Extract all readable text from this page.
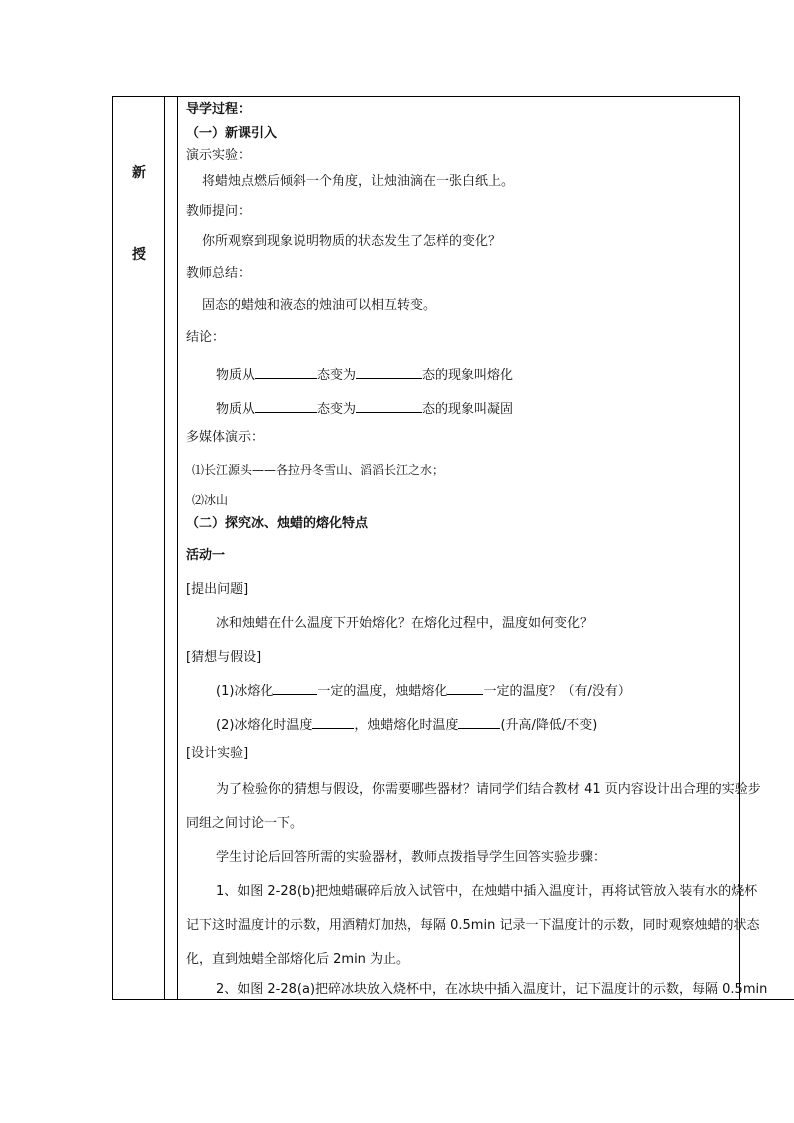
新
授
导学过程：
（一）新课引入
演示实验：
将蜡烛点燃后倾斜一个角度，让烛油滴在一张白纸上。
教师提问：
你所观察到现象说明物质的状态发生了怎样的变化？
教师总结：
固态的蜡烛和液态的烛油可以相互转变。
结论：
物质从	态变为	态的现象叫熔化
物质从	态变为	态的现象叫凝固
多媒体演示：
⑴长江源头——各拉丹冬雪山、滔滔长江之水；
⑵冰山
（二）探究冰、烛蜡的熔化特点
活动一
[提出问题]
冰和烛蜡在什么温度下开始熔化？在熔化过程中，温度如何变化？
[猜想与假设]
(1)冰熔化	一定的温度，烛蜡熔化	一定的温度？（有/没有）
(2)冰熔化时温度	，烛蜡熔化时温度	(升高/降低/不变)
[设计实验]
为了检验你的猜想与假设，你需要哪些器材？请同学们结合教材 41 页内容设计出合理的实验步
同组之间讨论一下。
学生讨论后回答所需的实验器材，教师点拨指导学生回答实验步骤：
1、如图 2-28(b)把烛蜡碾碎后放入试管中，在烛蜡中插入温度计，再将试管放入装有水的烧杯
记下这时温度计的示数，用酒精灯加热，每隔 0.5min 记录一下温度计的示数，同时观察烛蜡的状态
化，直到烛蜡全部熔化后 2min 为止。
2、如图 2-28(a)把碎冰块放入烧杯中，在冰块中插入温度计，记下温度计的示数，每隔 0.5min
